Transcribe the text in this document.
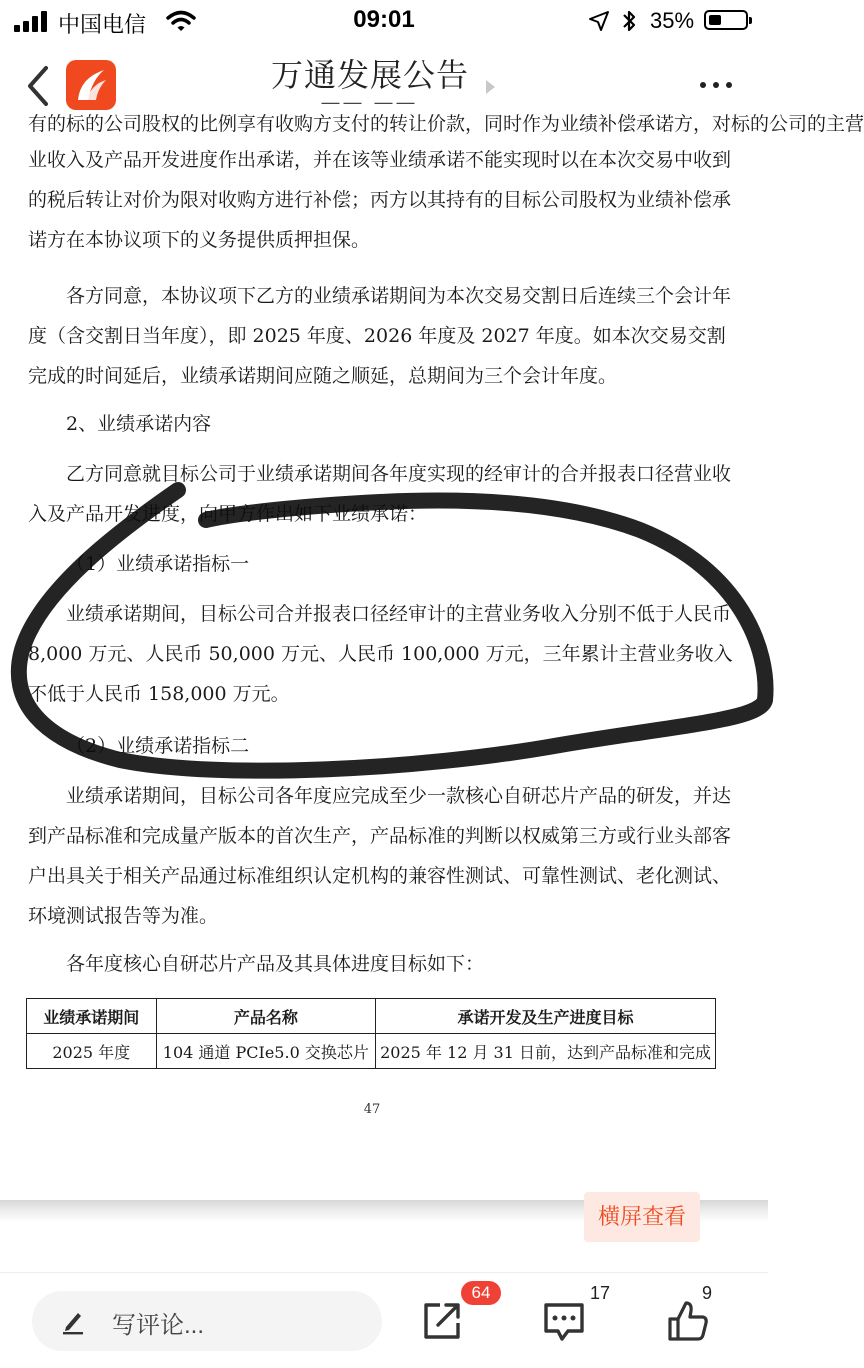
中国电信	09:01	35%
万通发展公告
—— ——
有的标的公司股权的比例享有收购方支付的转让价款，同时作为业绩补偿承诺方，对标的公司的主营

业收入及产品开发进度作出承诺，并在该等业绩承诺不能实现时以在本次交易中收到的税后转让对价为限对收购方进行补偿；丙方以其持有的目标公司股权为业绩补偿承诺方在本协议项下的义务提供质押担保。

各方同意，本协议项下乙方的业绩承诺期间为本次交易交割日后连续三个会计年度（含交割日当年度），即 2025 年度、2026 年度及 2027 年度。如本次交易交割完成的时间延后，业绩承诺期间应随之顺延，总期间为三个会计年度。

2、业绩承诺内容

乙方同意就目标公司于业绩承诺期间各年度实现的经审计的合并报表口径营业收入及产品开发进度，向甲方作出如下业绩承诺：

（1）业绩承诺指标一

业绩承诺期间，目标公司合并报表口径经审计的主营业务收入分别不低于人民币 8,000 万元、人民币 50,000 万元、人民币 100,000 万元，三年累计主营业务收入不低于人民币 158,000 万元。

（2）业绩承诺指标二

业绩承诺期间，目标公司各年度应完成至少一款核心自研芯片产品的研发，并达到产品标准和完成量产版本的首次生产，产品标准的判断以权威第三方或行业头部客户出具关于相关产品通过标准组织认定机构的兼容性测试、可靠性测试、老化测试、环境测试报告等为准。

各年度核心自研芯片产品及其具体进度目标如下：

业绩承诺期间	产品名称	承诺开发及生产进度目标
2025 年度	104 通道 PCIe5.0 交换芯片	2025 年 12 月 31 日前，达到产品标准和完成
47
横屏查看
写评论...
64	17	9
